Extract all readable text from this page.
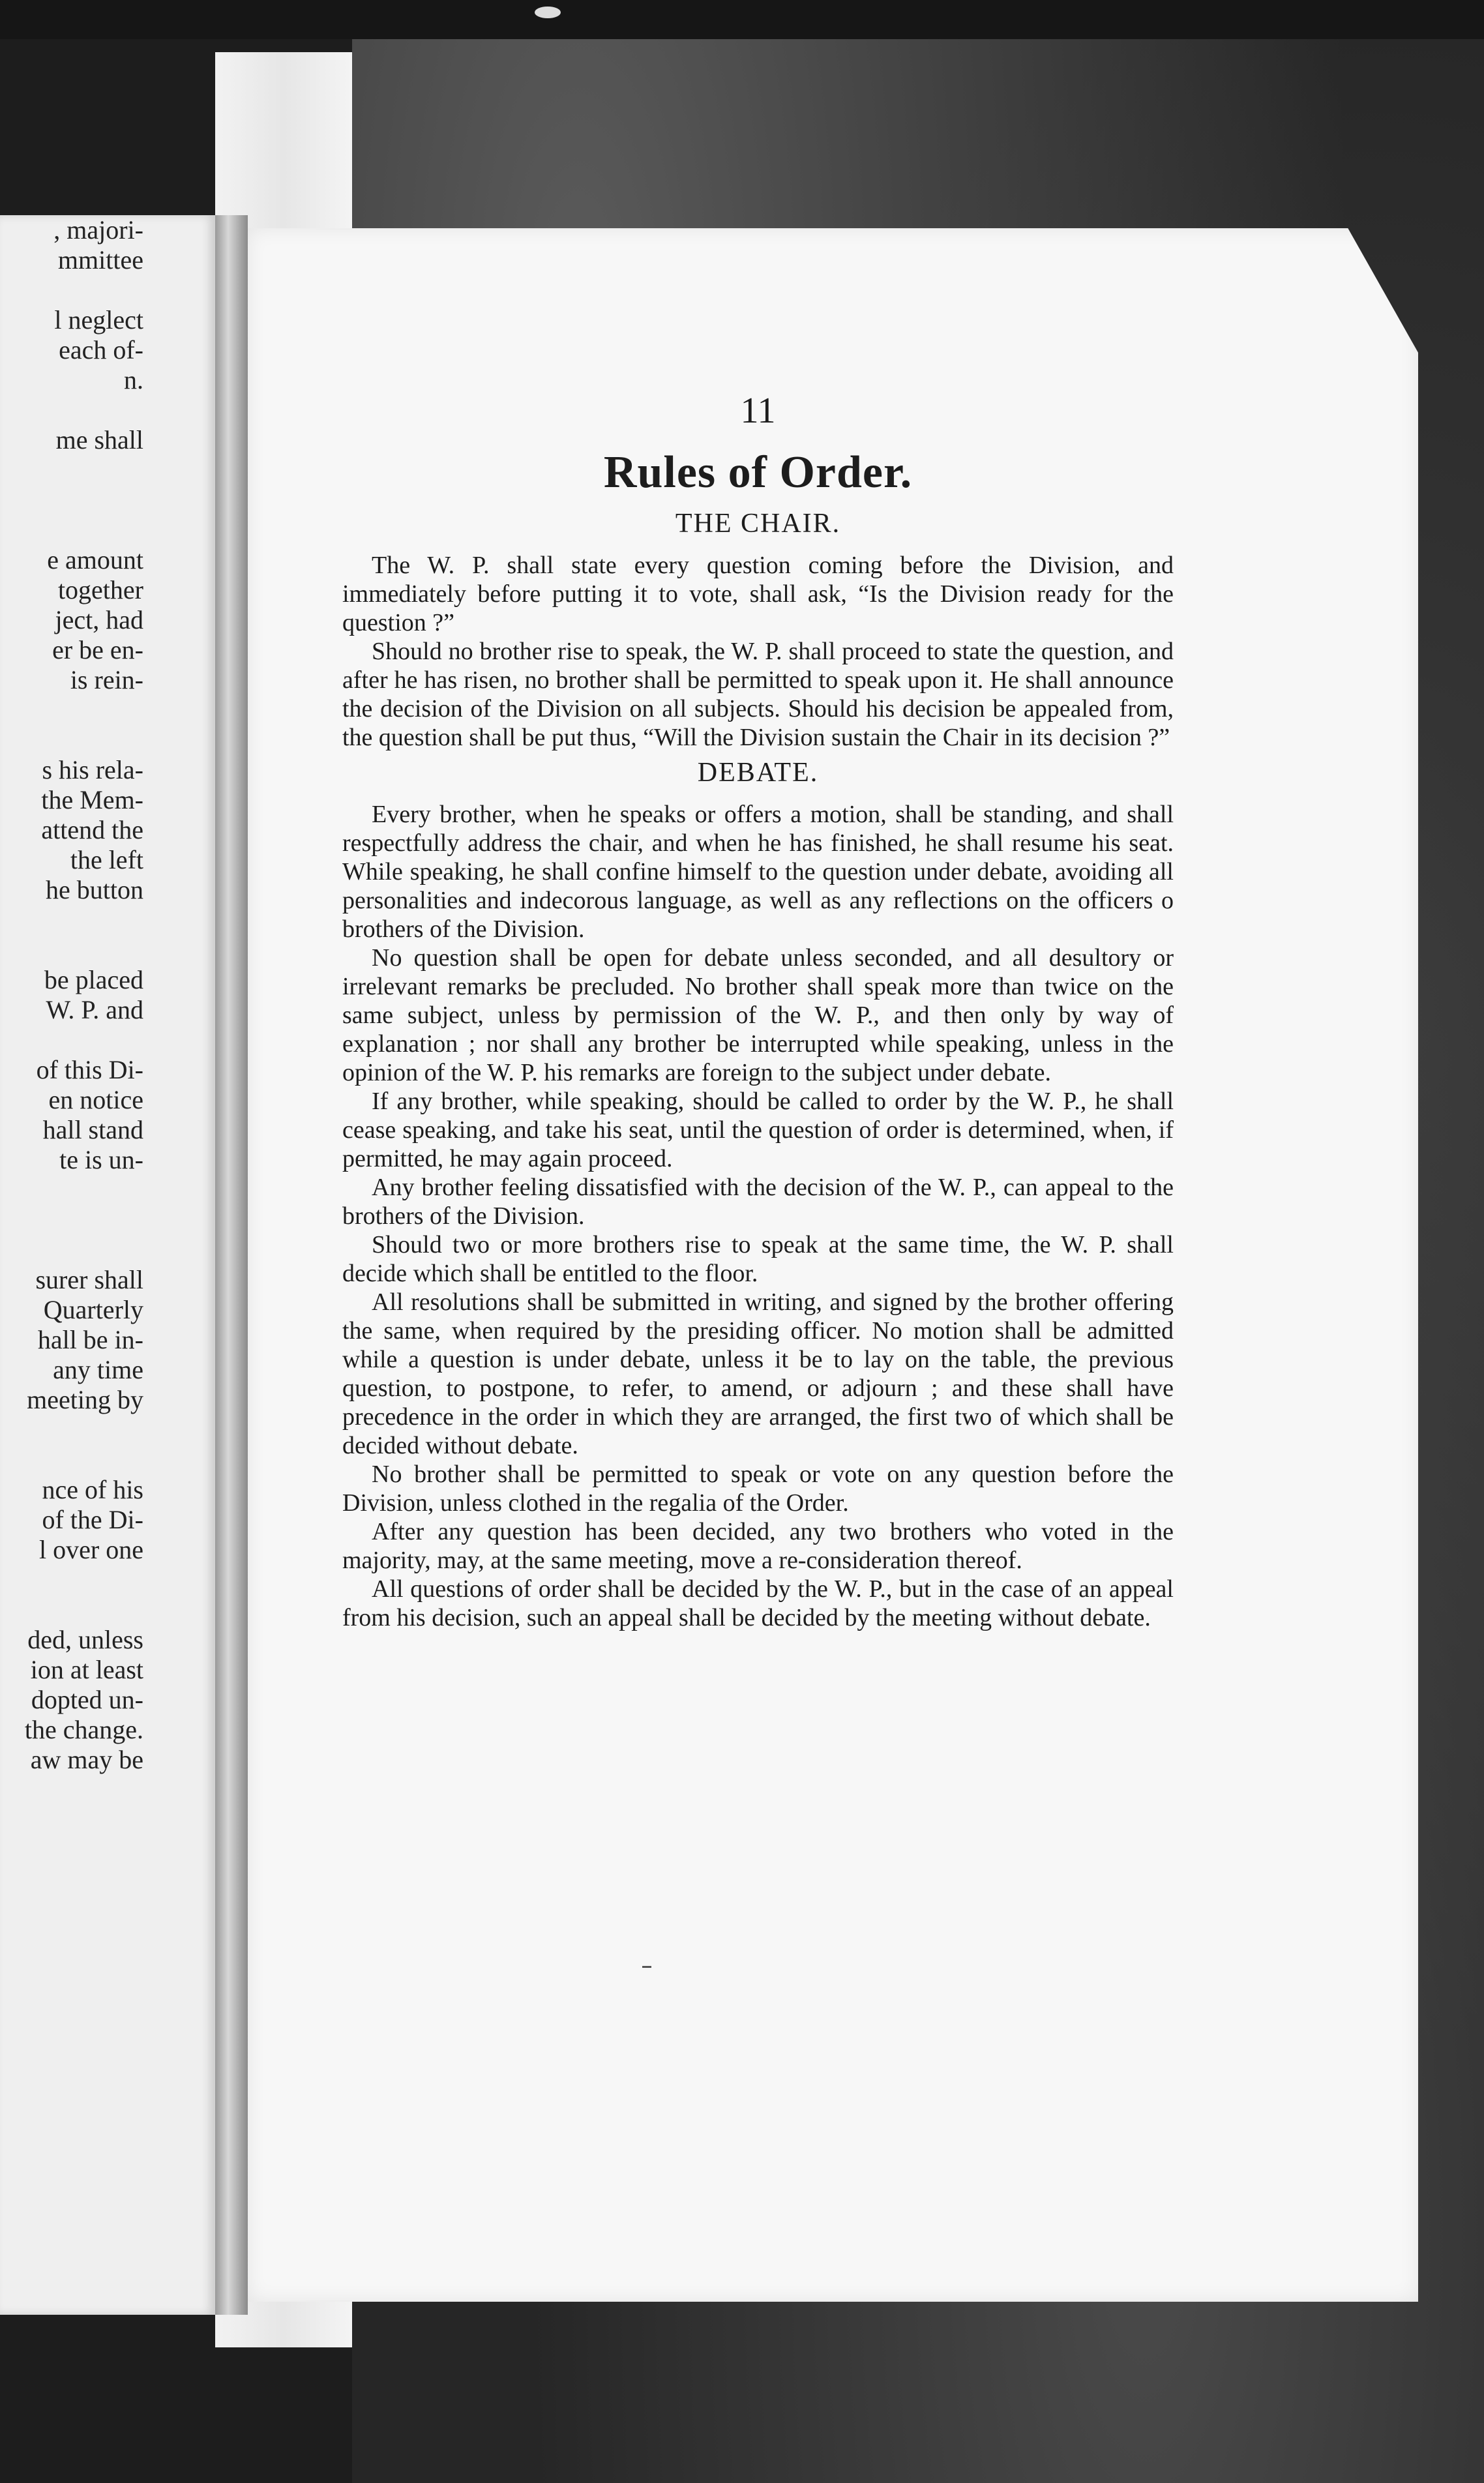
, majori-
mmittee
l neglect
each of-
n.
me shall
e amount
together
ject, had
er be en-
is rein-
s his rela-
the Mem-
attend the
the left
he button
be placed
W. P. and
of this Di-
en notice
hall stand
te is un-
surer shall
Quarterly
hall be in-
any time
meeting by
nce of his
of the Di-
l over one
ded, unless
ion at least
dopted un-
the change.
aw may be
11
Rules of Order.
THE CHAIR.

The W. P. shall state every question coming before the Division, and immediately before putting it to vote, shall ask, “Is the Division ready for the question ?”

Should no brother rise to speak, the W. P. shall proceed to state the question, and after he has risen, no brother shall be permitted to speak upon it. He shall announce the decision of the Division on all subjects. Should his decision be appealed from, the question shall be put thus, “Will the Division sustain the Chair in its decision ?”

DEBATE.

Every brother, when he speaks or offers a motion, shall be standing, and shall respectfully address the chair, and when he has finished, he shall resume his seat. While speaking, he shall confine himself to the question under debate, avoiding all personalities and indecorous language, as well as any reflections on the officers o brothers of the Division.

No question shall be open for debate unless seconded, and all desultory or irrelevant remarks be precluded. No brother shall speak more than twice on the same subject, unless by permission of the W. P., and then only by way of explanation ; nor shall any brother be interrupted while speaking, unless in the opinion of the W. P. his remarks are foreign to the subject under debate.

If any brother, while speaking, should be called to order by the W. P., he shall cease speaking, and take his seat, until the question of order is determined, when, if permitted, he may again proceed.

Any brother feeling dissatisfied with the decision of the W. P., can appeal to the brothers of the Division.

Should two or more brothers rise to speak at the same time, the W. P. shall decide which shall be entitled to the floor.

All resolutions shall be submitted in writing, and signed by the brother offering the same, when required by the presiding officer. No motion shall be admitted while a question is under debate, unless it be to lay on the table, the previous question, to postpone, to refer, to amend, or adjourn ; and these shall have precedence in the order in which they are arranged, the first two of which shall be decided without debate.

No brother shall be permitted to speak or vote on any question before the Division, unless clothed in the regalia of the Order.

After any question has been decided, any two brothers who voted in the majority, may, at the same meeting, move a re-consideration thereof.

All questions of order shall be decided by the W. P., but in the case of an appeal from his decision, such an appeal shall be decided by the meeting without debate.
